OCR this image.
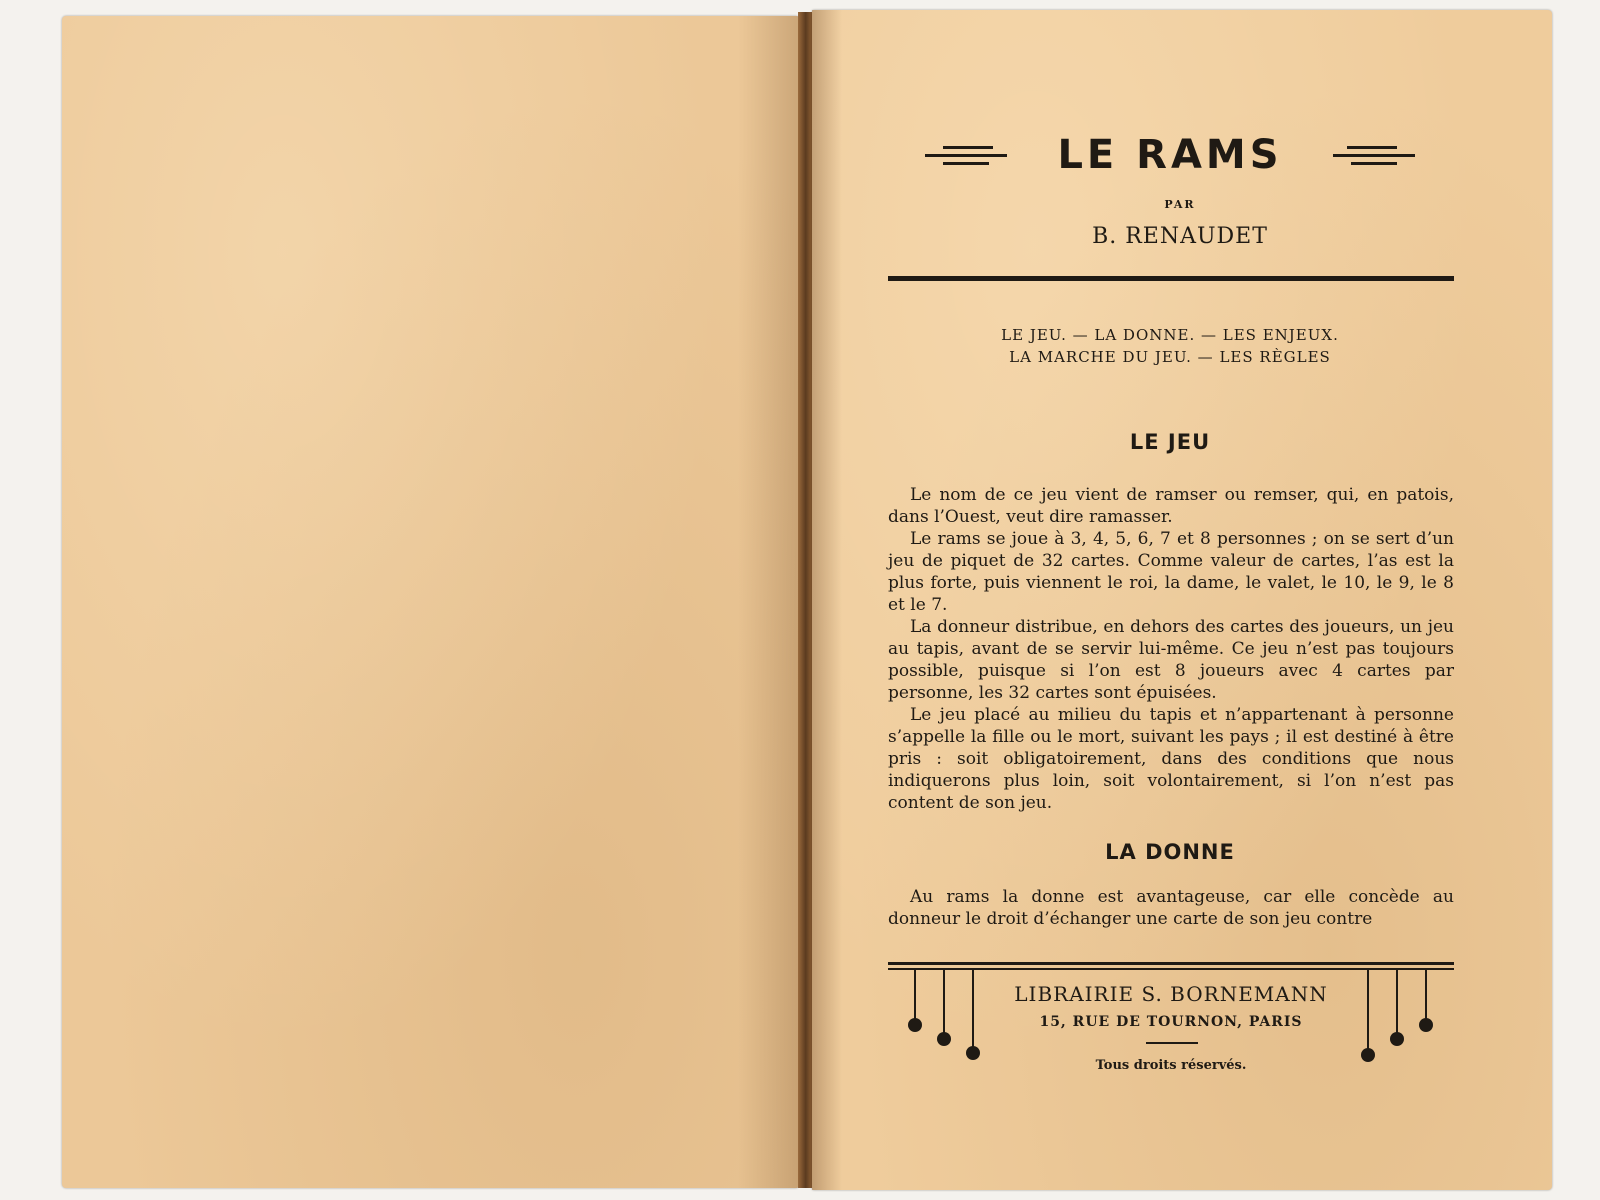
LE RAMS
PAR
B. RENAUDET
LE JEU. — LA DONNE. — LES ENJEUX.
LA MARCHE DU JEU. — LES RÈGLES
LE JEU

Le nom de ce jeu vient de ramser ou remser, qui, en patois, dans l’Ouest, veut dire ramasser.

Le rams se joue à 3, 4, 5, 6, 7 et 8 personnes ; on se sert d’un jeu de piquet de 32 cartes. Comme valeur de cartes, l’as est la plus forte, puis viennent le roi, la dame, le valet, le 10, le 9, le 8 et le 7.

La donneur distribue, en dehors des cartes des joueurs, un jeu au tapis, avant de se servir lui-même. Ce jeu n’est pas toujours possible, puisque si l’on est 8 joueurs avec 4 cartes par personne, les 32 cartes sont épuisées.

Le jeu placé au milieu du tapis et n’appartenant à personne s’appelle la fille ou le mort, suivant les pays ; il est destiné à être pris : soit obligatoirement, dans des conditions que nous indiquerons plus loin, soit volontairement, si l’on n’est pas content de son jeu.

LA DONNE

Au rams la donne est avantageuse, car elle concède au donneur le droit d’échanger une carte de son jeu contre

LIBRAIRIE S. BORNEMANN
15, RUE DE TOURNON, PARIS
Tous droits réservés.
